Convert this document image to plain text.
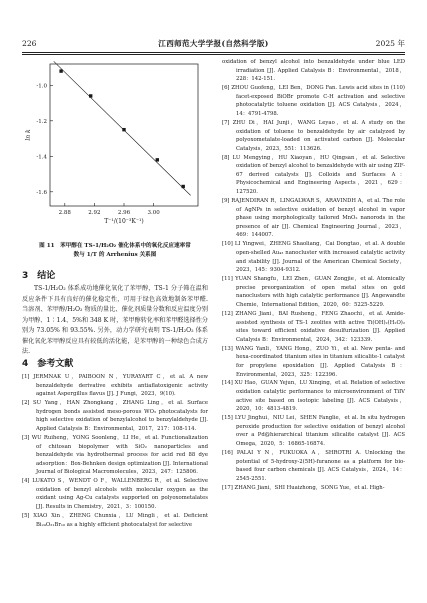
226	江西师范大学学报(自然科学版)	2025 年
2.88	2.92	2.96	3.00
-1.0
-1.2
-1.4
-1.6
ln k
T⁻¹/(10⁻³K⁻¹)
图 11　苯甲醇在 TS-1/H₂O₂ 催化体系中的氧化反应速率常
数与 1/T 的 Arrhenius 关系图
3　结论
TS-1/H₂O₂ 体系成功地催化氧化了苯甲醇，TS-1 分子筛在温和反应条件下具有良好的催化稳定性，可用于绿色高效地制备苯甲醛. 当溶剂、苯甲醇/H₂O₂ 物质的量比、催化剂质量分数和反应温度分别为甲醇、1∶1.4、5%和 348 K 时，苯甲醇转化率和苯甲醛选择性分别为 73.05% 和 93.55%. 另外，动力学研究表明 TS-1/H₂O₂ 体系催化氧化苯甲醇反应具有较低的活化能，是苯甲醇的一种绿色合成方法.
4　参考文献

[1] JERMNAK U，PAIBOON N，YURAYART C，et al. A new benzaldehyde derivative exhibits antiaflatoxigenic activity against Aspergillus flavus [J]. J Fungi，2023，9(10).

[2] SU Yang，HAN Zhongkang，ZHANG Ling，et al. Surface hydrogen bonds assisted meso-porous WO₃ photocatalysts for high selective oxidation of benzylalcohol to benzylaldehyde [J]. Applied Catalysis B：Environmental，2017，217：108-114.

[3] WU Ruiheng，YONG Soonleng，LI He，et al. Functionalization of chitosan biopolymer with SiO₂ nanoparticles and benzaldehyde via hydrothermal process for acid red 88 dye adsorption：Box-Behnken design optimization [J]. International Journal of Biological Macromolecules，2023，247：125806.

[4] LUKATO S，WENDT O F，WALLENBERG R，et al. Selective oxidation of benzyl alcohols with molecular oxygen as the oxidant using Ag-Cu catalysts supported on polyoxometalates [J]. Results in Chemistry，2021，3：100150.

[5] XIAO Xin，ZHENG Chunxia，LU Mingli，et al. Deficient Bi₂₄O₃₁Br₁₀ as a highly efficient photocatalyst for selective

oxidation of benzyl alcohol into benzaldehyde under blue LED irradiation [J]. Applied Catalysis B：Environmental，2018，228：142-151.

[6] ZHOU Guofeng，LEI Ben，DONG Fan. Lewis acid sites in (110) facet-exposed BiOBr promote C-H activation and selective photocatalytic toluene oxidation [J]. ACS Catalysis，2024，14：4791-4798.

[7] ZHU Di，HAI Junji，WANG Leyao，et al. A study on the oxidation of toluene to benzaldehyde by air catalyzed by polyoxometalate-loaded on activated carbon [J]. Molecular Catalysis，2023，551：113626.

[8] LU Mengying，HU Xiaoyan，HU Qingsan，et al. Selective oxidation of benzyl alcohol to benzaldehyde with air using ZIF-67 derived catalysts [J]. Colloids and Surfaces A：Physicochemical and Engineering Aspects，2021，629：127520.

[9] RAJENDIRAN R，LINGALWAR S，ARAVINDH A，et al. The role of AgNPs in selective oxidation of benzyl alcohol in vapor phase using morphologically tailored MnO₂ nanorods in the presence of air [J]. Chemical Engineering Journal，2023，469：144007.

[10] LI Yingwei，ZHENG Shaoliang，Cai Dongtao，et al. A double open-shelled Au₄₃ nanocluster with increased catalytic activity and stability [J]. Journal of the American Chemical Society，2023，145：9304-9312.

[11] YUAN Shangfu，LEI Zhen，GUAN Zongjie，et al. Atomically precise preorganization of open metal sites on gold nanoclusters with high catalytic performance [J]. Angewandte Chemie，International Edition，2020，60：5225-5229.

[12] ZHANG Jiani，BAI Rusheng，FENG Zhaochi，et al. Amide-assisted synthesis of TS-1 zeolites with active Ti(OH)₂(H₂O)₂ sites toward efficient oxidative desulfurization [J]. Applied Catalysis B：Environmental，2024，342：123339.

[13] WANG Yanli，YANG Hong，ZUO Yi，et al. New penta- and hexa-coordinated titanium sites in titanium silicalite-1 catalyst for propylene epoxidation [J]. Applied Catalysis B：Environmental，2023，325：122396.

[14] XU Hao，GUAN Yejun，LU Xinqing，et al. Relation of selective oxidation catalytic performance to microenvironment of TiIV active site based on isotopic labeling [J]. ACS Catalysis，2020，10：4813-4819.

[15] LYU Jinghui，NIU Lei，SHEN Fanglie，et al. In situ hydrogen peroxide production for selective oxidation of benzyl alcohol over a Pd@hierarchical titanium silicalite catalyst [J]. ACS Omega，2020，5：16865-16874.

[16] PALAI Y N，FUKUOKA A，SHROTRI A. Unlocking the potential of 5-hydroxy-2(5H)-furanone as a platform for bio-based four carbon chemicals [J]. ACS Catalysis，2024，14：2545-2551.

[17] ZHANG Jiani，SHI Huaizhong，SONG Yue，et al. High-
